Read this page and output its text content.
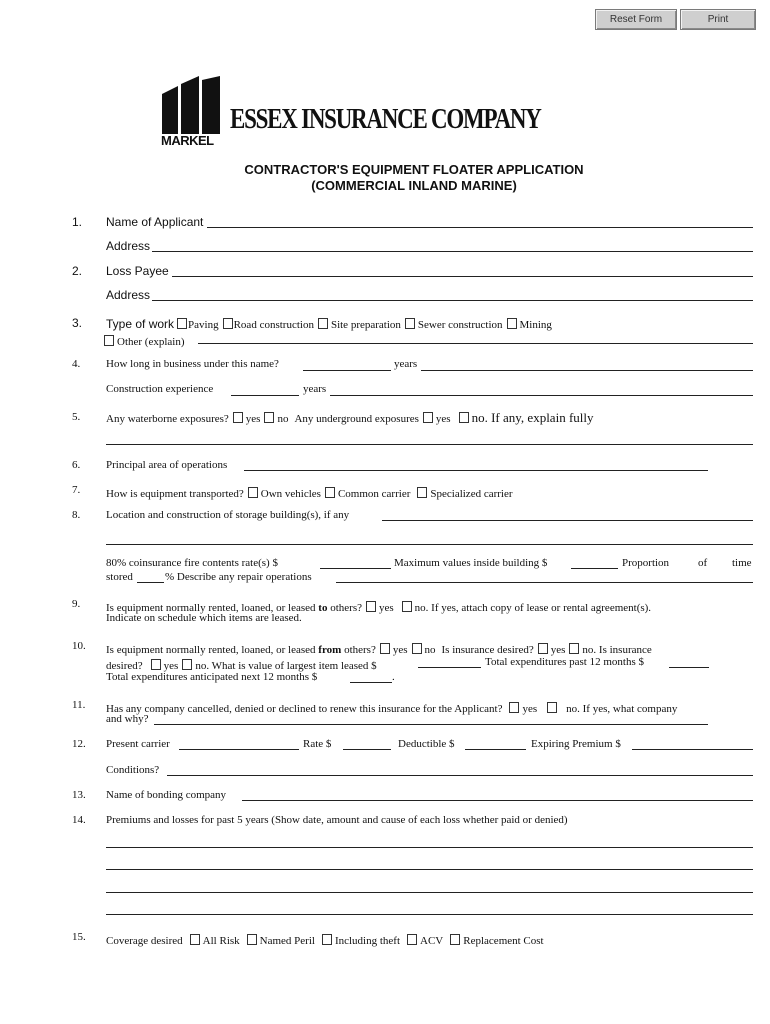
Reset Form	Print
MARKEL
ESSEX INSURANCE COMPANY
CONTRACTOR'S EQUIPMENT FLOATER APPLICATION
(COMMERCIAL INLAND MARINE)
1. Name of Applicant
Address
2. Loss Payee
Address
3. Type of work Paving Road construction Site preparation Sewer construction Mining
Other (explain)
4. How long in business under this name?	years
Construction experience	years
5. Any waterborne exposures? yes no Any underground exposures yes no. If any, explain fully
6. Principal area of operations
7. How is equipment transported? Own vehicles Common carrier Specialized carrier
8. Location and construction of storage building(s), if any
80% coinsurance fire contents rate(s) $	Maximum values inside building $	Proportion	of time
stored	% Describe any repair operations
9. Is equipment normally rented, loaned, or leased to others? yes no. If yes, attach copy of lease or rental agreement(s).
Indicate on schedule which items are leased.
10. Is equipment normally rented, loaned, or leased from others? yes no Is insurance desired? yes no. Is insurance
desired? yes no. What is value of largest item leased $	Total expenditures past 12 months $
Total expenditures anticipated next 12 months $	.
11. Has any company cancelled, denied or declined to renew this insurance for the Applicant? yes	no. If yes, what company
and why?
12. Present carrier	Rate $	Deductible $	Expiring Premium $
Conditions?
13. Name of bonding company
14. Premiums and losses for past 5 years (Show date, amount and cause of each loss whether paid or denied)
15. Coverage desired All Risk Named Peril Including theft ACV Replacement Cost
